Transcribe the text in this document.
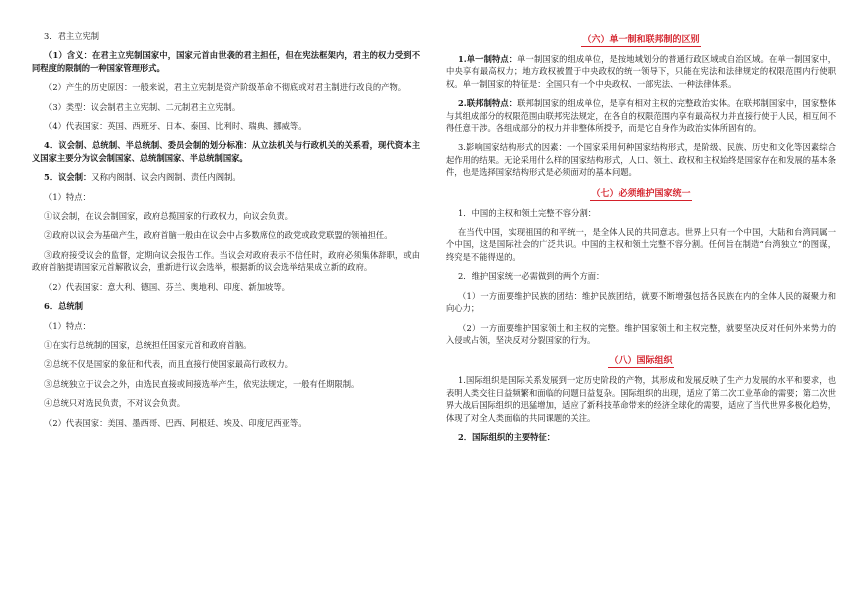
3．君主立宪制

（1）含义：在君主立宪制国家中，国家元首由世袭的君主担任，但在宪法框架内，君主的权力受到不同程度的限制的一种国家管理形式。

（2）产生的历史原因：一般来说，君主立宪制是资产阶级革命不彻底或对君主制进行改良的产物。

（3）类型：议会制君主立宪制、二元制君主立宪制。

（4）代表国家：英国、西班牙、日本、泰国、比利时、瑞典、挪威等。

4．议会制、总统制、半总统制、委员会制的划分标准：从立法机关与行政机关的关系看，现代资本主义国家主要分为议会制国家、总统制国家、半总统制国家。

5．议会制：又称内阁制、议会内阁制、责任内阁制。

（1）特点：

①议会制，在议会制国家，政府总揽国家的行政权力，向议会负责。

②政府以议会为基础产生，政府首脑一般由在议会中占多数席位的政党或政党联盟的领袖担任。

③政府接受议会的监督，定期向议会报告工作。当议会对政府表示不信任时，政府必须集体辞职，或由政府首脑提请国家元首解散议会，重新进行议会选举，根据新的议会选举结果成立新的政府。

（2）代表国家：意大利、德国、芬兰、奥地利、印度、新加坡等。

6．总统制

（1）特点：

①在实行总统制的国家，总统担任国家元首和政府首脑。

②总统不仅是国家的象征和代表，而且直接行使国家最高行政权力。

③总统独立于议会之外，由选民直接或间接选举产生，依宪法规定，一般有任期限制。

④总统只对选民负责，不对议会负责。

（2）代表国家：美国、墨西哥、巴西、阿根廷、埃及、印度尼西亚等。

（六）单一制和联邦制的区别

1.单一制特点：单一制国家的组成单位，是按地域划分的普通行政区域或自治区域。在单一制国家中，中央享有最高权力；地方政权被置于中央政权的统一领导下，只能在宪法和法律规定的权限范围内行使职权。单一制国家的特征是：全国只有一个中央政权、一部宪法、一种法律体系。

2.联邦制特点：联邦制国家的组成单位，是享有相对主权的完整政治实体。在联邦制国家中，国家整体与其组成部分的权限范围由联邦宪法规定，在各自的权限范围内享有最高权力并直接行使于人民，相互间不得任意干涉。各组成部分的权力并非整体所授予，而是它自身作为政治实体所固有的。

3.影响国家结构形式的因素：一个国家采用何种国家结构形式，是阶级、民族、历史和文化等因素综合起作用的结果。无论采用什么样的国家结构形式，人口、领土、政权和主权始终是国家存在和发展的基本条件，也是选择国家结构形式是必须面对的基本问题。

（七）必须维护国家统一

1．中国的主权和领土完整不容分割：

在当代中国，实现祖国的和平统一，是全体人民的共同意志。世界上只有一个中国，大陆和台湾同属一个中国，这是国际社会的广泛共识。中国的主权和领土完整不容分割。任何旨在制造“台湾独立”的图谋，终究是不能得逞的。

2．维护国家统一必需做到的两个方面：

（1）一方面要维护民族的团结：维护民族团结，就要不断增强包括各民族在内的全体人民的凝聚力和向心力；

（2）一方面要维护国家领土和主权的完整。维护国家领土和主权完整，就要坚决反对任何外来势力的入侵或占领，坚决反对分裂国家的行为。

（八）国际组织

1.国际组织是国际关系发展到一定历史阶段的产物，其形成和发展反映了生产力发展的水平和要求，也表明人类交往日益频繁和面临的问题日益复杂。国际组织的出现，适应了第二次工业革命的需要；第二次世界大战后国际组织的迅猛增加，适应了新科技革命带来的经济全球化的需要，适应了当代世界多极化趋势，体现了对全人类面临的共同课题的关注。

2．国际组织的主要特征：
